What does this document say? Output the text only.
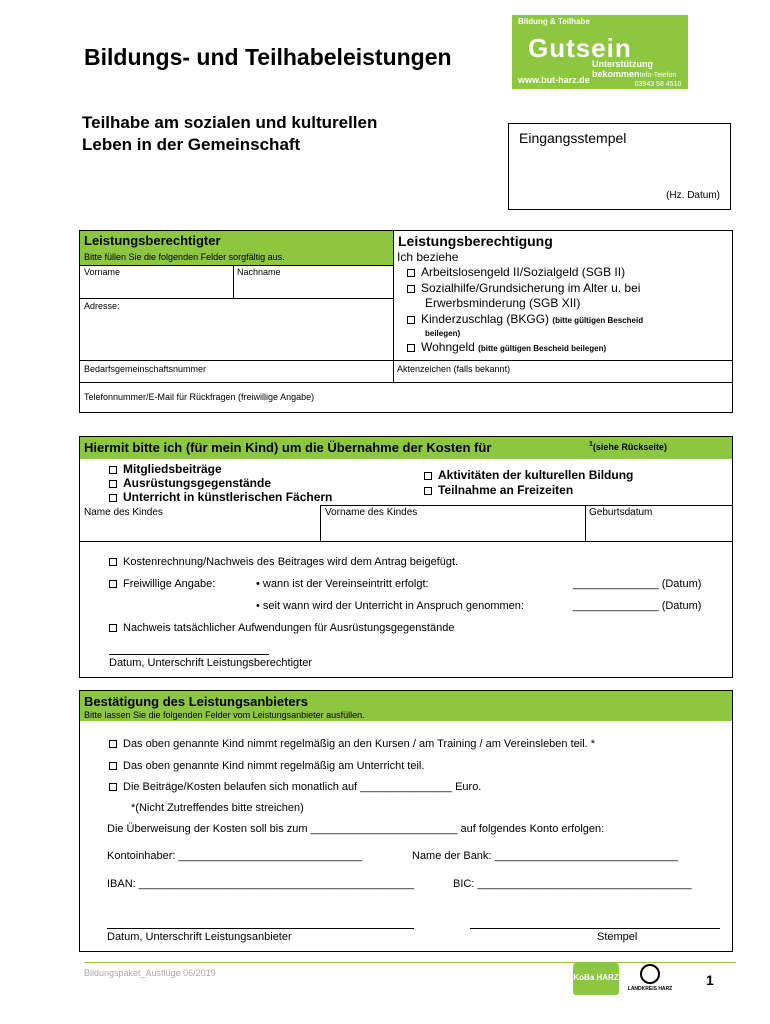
Bildungs- und Teilhabeleistungen
Bildung & Teilhabe
Gutsein
Unterstützung bekommen
www.but-harz.de	Info-Telefon 03943 58 4510
Teilhabe am sozialen und kulturellen
Leben in der Gemeinschaft	Eingangsstempel
(Hz. Datum)
Leistungsberechtigter
Bitte füllen Sie die folgenden Felder sorgfältig aus.
Vorname	Nachname
Adresse:
Bedarfsgemeinschaftsnummer	Aktenzeichen (falls bekannt)
Telefonnummer/E-Mail für Rückfragen (freiwillige Angabe)
Leistungsberechtigung
Ich beziehe
Arbeitslosengeld II/Sozialgeld (SGB II)
Sozialhilfe/Grundsicherung im Alter u. bei
Erwerbsminderung (SGB XII)
Kinderzuschlag (BKGG) (bitte gültigen Bescheid
beilegen)
Wohngeld (bitte gültigen Bescheid beilegen)
Hiermit bitte ich (für mein Kind) um die Übernahme der Kosten für	$^1$(siehe Rückseite)
Mitgliedsbeiträge
Ausrüstungsgegenstände
Unterricht in künstlerischen Fächern
Aktivitäten der kulturellen Bildung
Teilnahme an Freizeiten
Name des Kindes	Vorname des Kindes	Geburtsdatum
Kostenrechnung/Nachweis des Beitrages wird dem Antrag beigefügt.
Freiwillige Angabe:	• wann ist der Vereinseintritt erfolgt:	______________ (Datum)
• seit wann wird der Unterricht in Anspruch genommen:	______________ (Datum)
Nachweis tatsächlicher Aufwendungen für Ausrüstungsgegenstände
Datum, Unterschrift Leistungsberechtigter
Bestätigung des Leistungsanbieters
Bitte lassen Sie die folgenden Felder vom Leistungsanbieter ausfüllen.
Das oben genannte Kind nimmt regelmäßig an den Kursen / am Training / am Vereinsleben teil. *
Das oben genannte Kind nimmt regelmäßig am Unterricht teil.
Die Beiträge/Kosten belaufen sich monatlich auf _______________ Euro.
*(Nicht Zutreffendes bitte streichen)
Die Überweisung der Kosten soll bis zum ________________________ auf folgendes Konto erfolgen:
Kontoinhaber: ______________________________	Name der Bank: ______________________________
IBAN: _____________________________________________	BIC: ___________________________________
Datum, Unterschrift Leistungsanbieter	Stempel
Bildungspaket_Ausflüge 06/2019	KoBa HARZ
LANDKREIS HARZ
1
